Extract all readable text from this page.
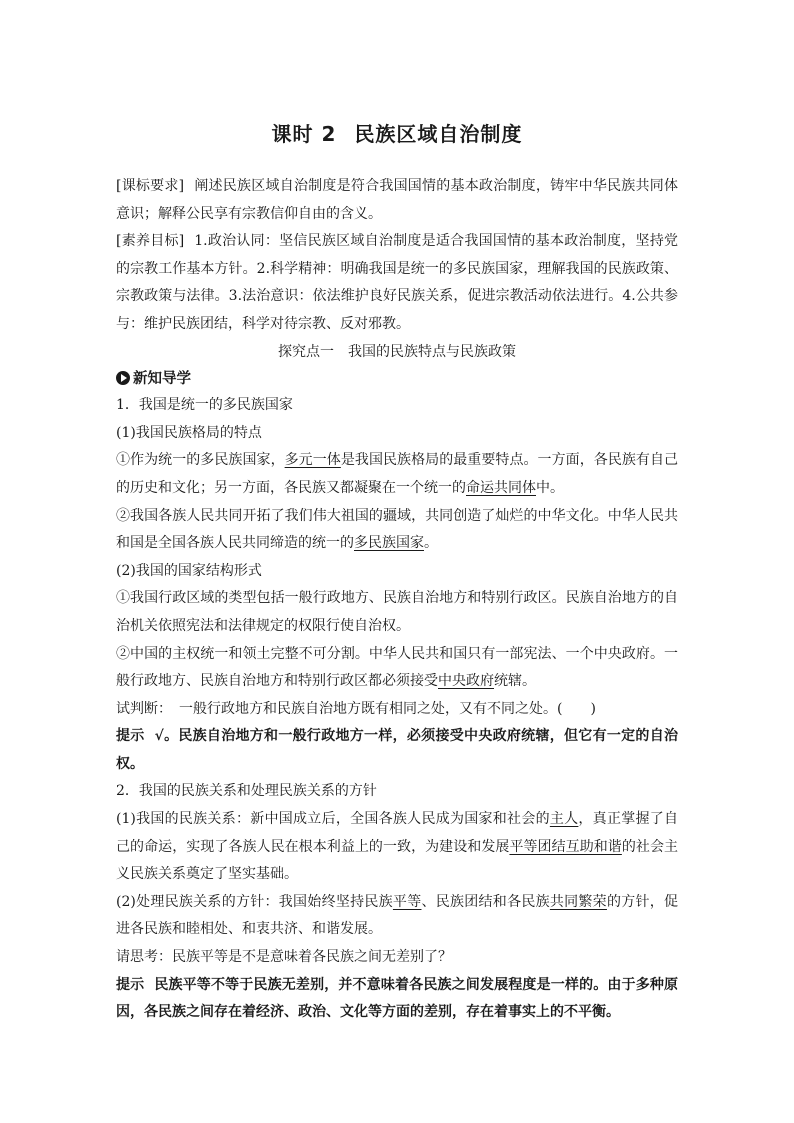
课时 2 民族区域自治制度

[课标要求] 阐述民族区域自治制度是符合我国国情的基本政治制度，铸牢中华民族共同体意识；解释公民享有宗教信仰自由的含义。

[素养目标] 1.政治认同：坚信民族区域自治制度是适合我国国情的基本政治制度，坚持党的宗教工作基本方针。2.科学精神：明确我国是统一的多民族国家，理解我国的民族政策、宗教政策与法律。3.法治意识：依法维护良好民族关系，促进宗教活动依法进行。4.公共参与：维护民族团结，科学对待宗教、反对邪教。

探究点一　我国的民族特点与民族政策

新知导学

1．我国是统一的多民族国家

(1)我国民族格局的特点

①作为统一的多民族国家，多元一体是我国民族格局的最重要特点。一方面，各民族有自己的历史和文化；另一方面，各民族又都凝聚在一个统一的命运共同体中。

②我国各族人民共同开拓了我们伟大祖国的疆域，共同创造了灿烂的中华文化。中华人民共和国是全国各族人民共同缔造的统一的多民族国家。

(2)我国的国家结构形式

①我国行政区域的类型包括一般行政地方、民族自治地方和特别行政区。民族自治地方的自治机关依照宪法和法律规定的权限行使自治权。

②中国的主权统一和领土完整不可分割。中华人民共和国只有一部宪法、一个中央政府。一般行政地方、民族自治地方和特别行政区都必须接受中央政府统辖。

试判断：　一般行政地方和民族自治地方既有相同之处，又有不同之处。(　　)

提示 √。民族自治地方和一般行政地方一样，必须接受中央政府统辖，但它有一定的自治权。

2．我国的民族关系和处理民族关系的方针

(1)我国的民族关系：新中国成立后，全国各族人民成为国家和社会的主人，真正掌握了自己的命运，实现了各族人民在根本利益上的一致，为建设和发展平等团结互助和谐的社会主义民族关系奠定了坚实基础。

(2)处理民族关系的方针：我国始终坚持民族平等、民族团结和各民族共同繁荣的方针，促进各民族和睦相处、和衷共济、和谐发展。

请思考：民族平等是不是意味着各民族之间无差别了？

提示 民族平等不等于民族无差别，并不意味着各民族之间发展程度是一样的。由于多种原因，各民族之间存在着经济、政治、文化等方面的差别，存在着事实上的不平衡。
